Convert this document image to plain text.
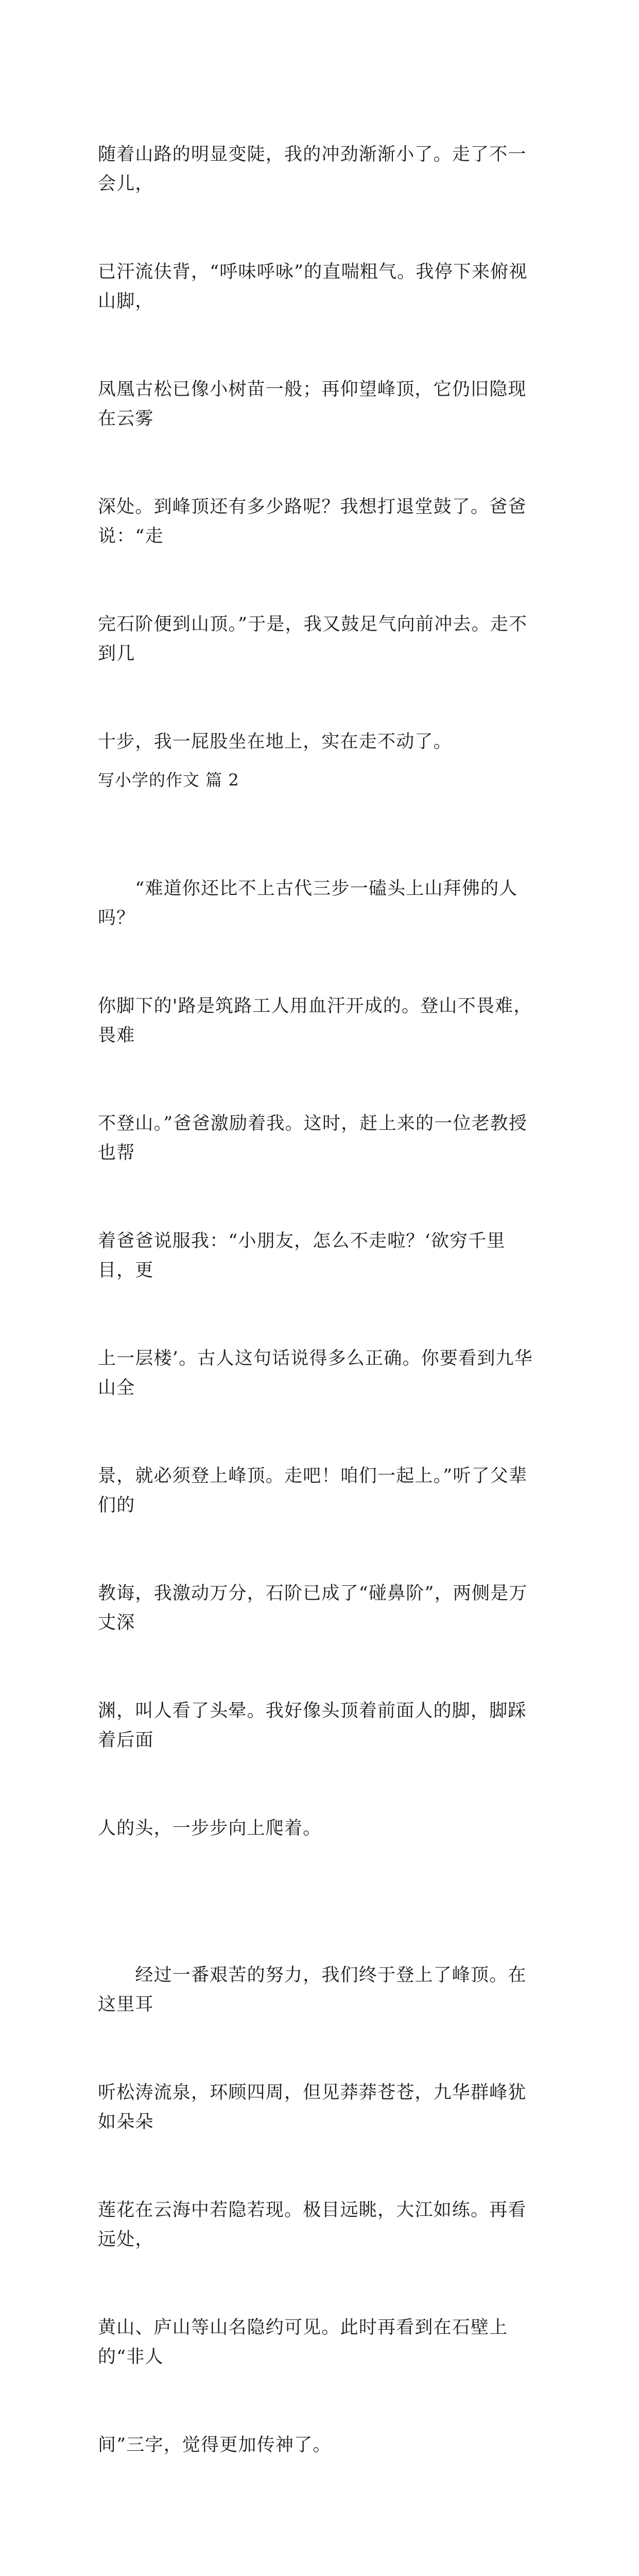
随着山路的明显变陡，我的冲劲渐渐小了。走了不一会儿，

已汗流伕背，“呼味呼咏”的直喘粗气。我停下来俯视山脚，

凤凰古松已像小树苗一般；再仰望峰顶，它仍旧隐现在云雾

深处。到峰顶还有多少路呢？我想打退堂鼓了。爸爸说：“走

完石阶便到山顶。”于是，我又鼓足气向前冲去。走不到几

十步，我一屁股坐在地上，实在走不动了。

　　“难道你还比不上古代三步一磕头上山拜佛的人吗？

你脚下的'路是筑路工人用血汗开成的。登山不畏难，畏难

不登山。”爸爸激励着我。这时，赶上来的一位老教授也帮

着爸爸说服我：“小朋友，怎么不走啦？‘欲穷千里目，更

上一层楼’。古人这句话说得多么正确。你要看到九华山全

景，就必须登上峰顶。走吧！咱们一起上。”听了父辈们的

教诲，我激动万分，石阶已成了“碰鼻阶”，两侧是万丈深

渊，叫人看了头晕。我好像头顶着前面人的脚，脚踩着后面

人的头，一步步向上爬着。

　　经过一番艰苦的努力，我们终于登上了峰顶。在这里耳

听松涛流泉，环顾四周，但见莽莽苍苍，九华群峰犹如朵朵

莲花在云海中若隐若现。极目远眺，大江如练。再看远处，

黄山、庐山等山名隐约可见。此时再看到在石壁上的“非人

间”三字，觉得更加传神了。

写小学的作文 篇 2
